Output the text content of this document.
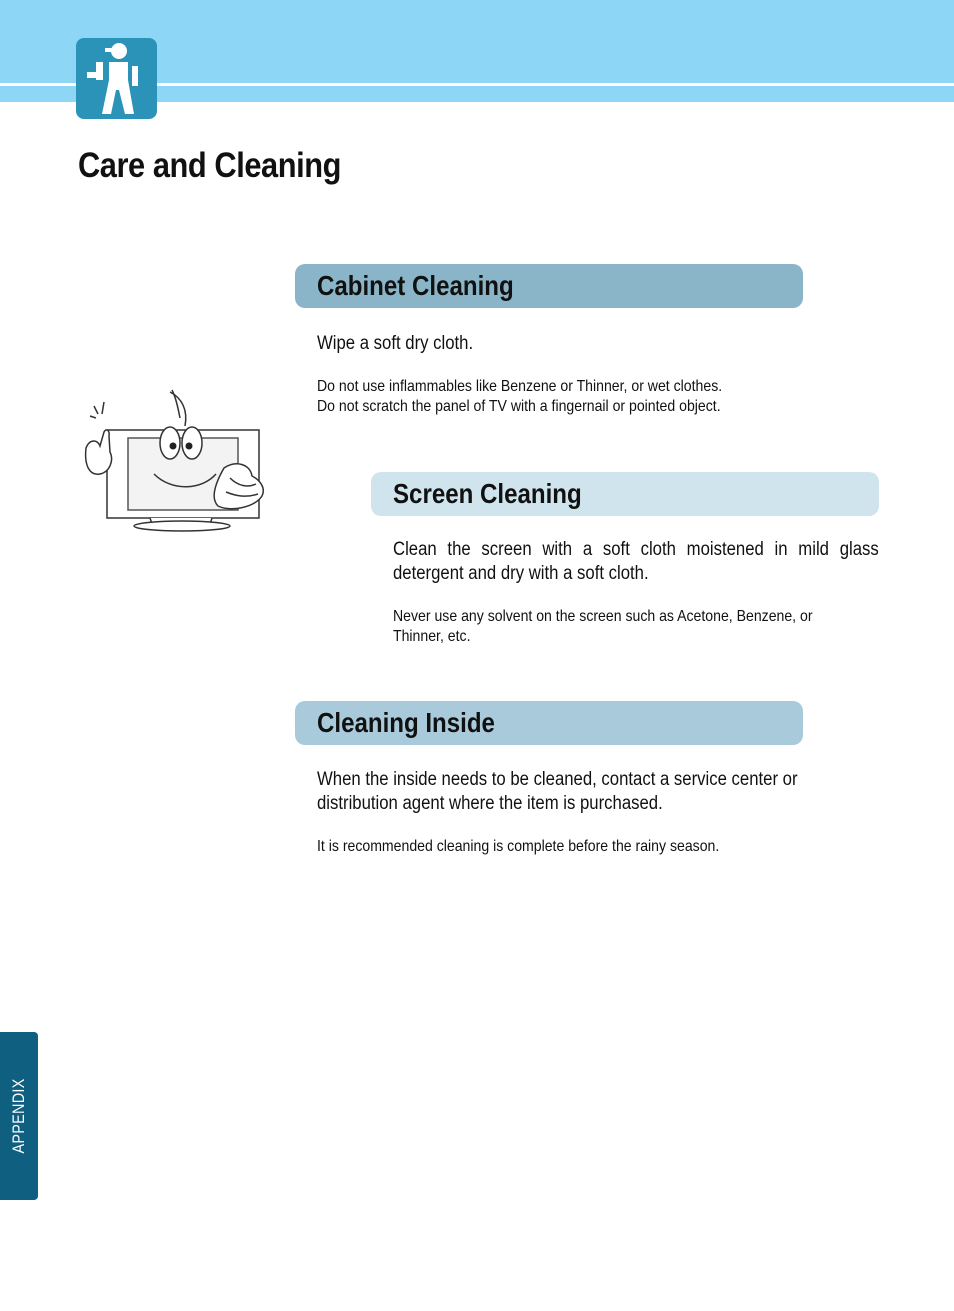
Care and Cleaning
Cabinet Cleaning

Wipe a soft dry cloth.

Do not use inflammables like Benzene or Thinner, or wet clothes.
Do not scratch the panel of TV with a fingernail or pointed object.
Screen Cleaning

Clean the screen with a soft cloth moistened in mild glass detergent and dry with a soft cloth.

Never use any solvent on the screen such as Acetone, Benzene, or Thinner, etc.

Cleaning Inside

When the inside needs to be cleaned, contact a service center or distribution agent where the item is purchased.

It is recommended cleaning is complete before the rainy season.

APPENDIX
